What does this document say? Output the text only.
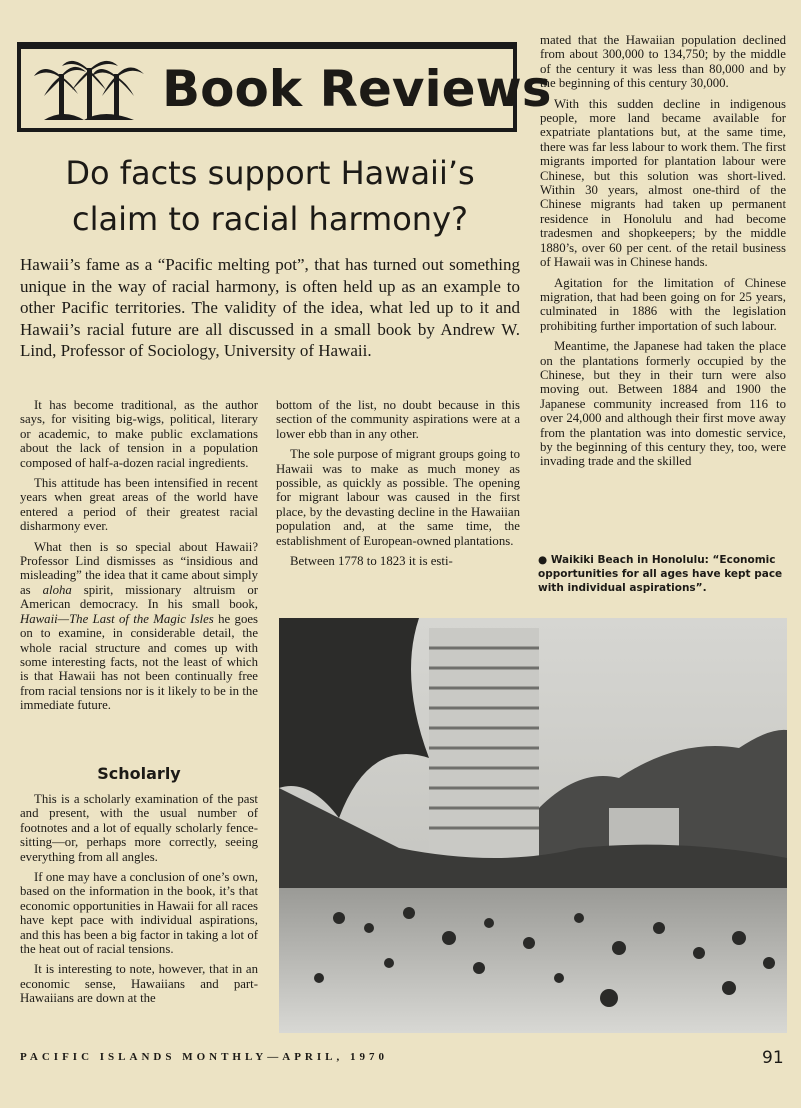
Book Reviews
Do facts support Hawaii’s
claim to racial harmony?
Hawaii’s fame as a “Pacific melting pot”, that has turned out something unique in the way of racial harmony, is often held up as an example to other Pacific territories. The validity of the idea, what led up to it and Hawaii’s racial future are all discussed in a small book by Andrew W. Lind, Professor of Sociology, University of Hawaii.

It has become traditional, as the author says, for visiting big-wigs, political, literary or academic, to make public exclamations about the lack of tension in a population composed of half-a-dozen racial ingredients.

This attitude has been intensified in recent years when great areas of the world have entered a period of their greatest racial disharmony ever.

What then is so special about Hawaii? Professor Lind dismisses as “insidious and misleading” the idea that it came about simply as aloha spirit, missionary altruism or American democracy. In his small book, Hawaii—The Last of the Magic Isles he goes on to examine, in considerable detail, the whole racial structure and comes up with some interesting facts, not the least of which is that Hawaii has not been continually free from racial tensions nor is it likely to be in the immediate future.

Scholarly

This is a scholarly examination of the past and present, with the usual number of footnotes and a lot of equally scholarly fence-sitting—or, perhaps more correctly, seeing everything from all angles.

If one may have a conclusion of one’s own, based on the information in the book, it’s that economic opportunities in Hawaii for all races have kept pace with individual aspirations, and this has been a big factor in taking a lot of the heat out of racial tensions.

It is interesting to note, however, that in an economic sense, Hawaiians and part-Hawaiians are down at the

bottom of the list, no doubt because in this section of the community aspirations were at a lower ebb than in any other.

The sole purpose of migrant groups going to Hawaii was to make as much money as possible, as quickly as possible. The opening for migrant labour was caused in the first place, by the devasting decline in the Hawaiian population and, at the same time, the establishment of European-owned plantations.

Between 1778 to 1823 it is esti-

mated that the Hawaiian population declined from about 300,000 to 134,750; by the middle of the century it was less than 80,000 and by the beginning of this century 30,000.

With this sudden decline in indigenous people, more land became available for expatriate plantations but, at the same time, there was far less labour to work them. The first migrants imported for plantation labour were Chinese, but this solution was short-lived. Within 30 years, almost one-third of the Chinese migrants had taken up permanent residence in Honolulu and had become tradesmen and shopkeepers; by the middle 1880’s, over 60 per cent. of the retail business of Hawaii was in Chinese hands.

Agitation for the limitation of Chinese migration, that had been going on for 25 years, culminated in 1886 with the legislation prohibiting further importation of such labour.

Meantime, the Japanese had taken the place on the plantations formerly occupied by the Chinese, but they in their turn were also moving out. Between 1884 and 1900 the Japanese community increased from 116 to over 24,000 and although their first move away from the plantation was into domestic service, by the beginning of this century they, too, were invading trade and the skilled

● Waikiki Beach in Honolulu: “Economic opportunities for all ages have kept pace with individual aspirations”.
PACIFIC ISLANDS MONTHLY—APRIL, 1970	91
